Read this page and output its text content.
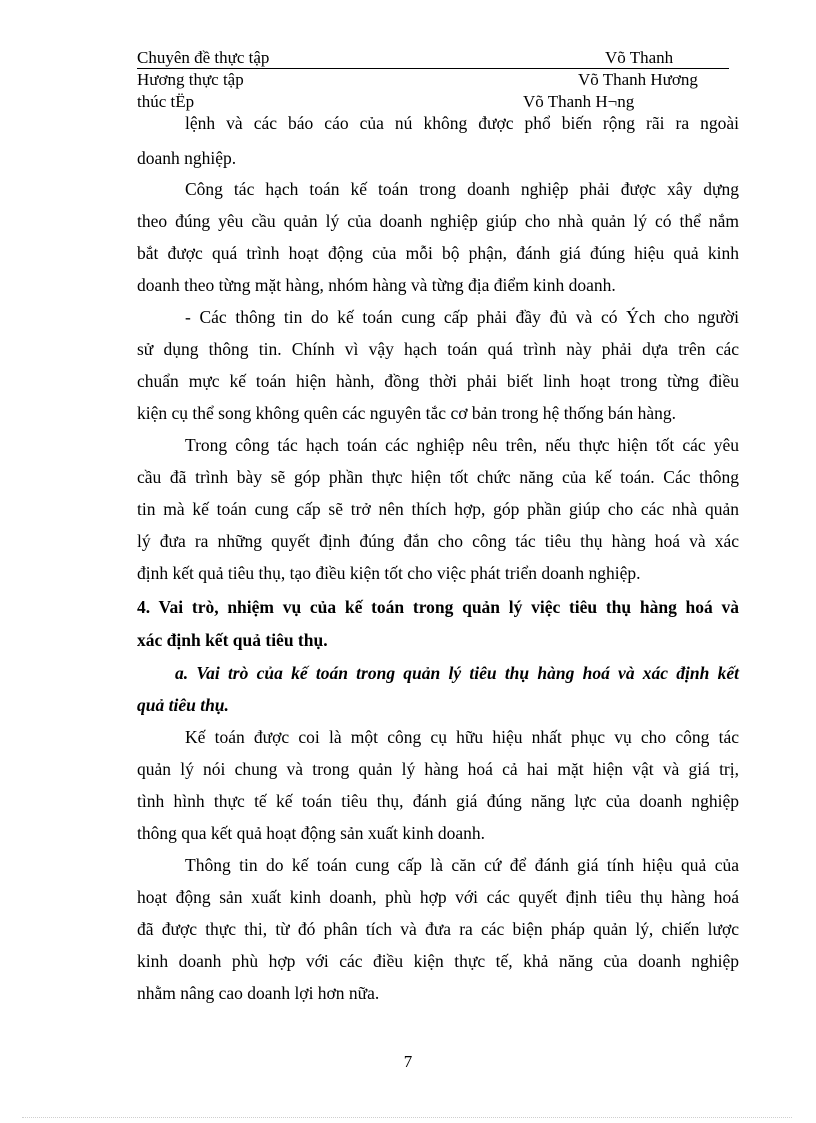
Chuyên đề thực tập	Võ Thanh
Hương thực tập	Võ Thanh Hương
thúc tËp	Võ Thanh H¬ng
lệnh và các báo cáo của nú không được phổ biến rộng rãi ra ngoài
doanh nghiệp.
Công tác hạch toán kế toán trong doanh nghiệp phải được xây dựng
theo đúng yêu cầu quản lý của doanh nghiệp giúp cho nhà quản lý có thể nắm
bắt được quá trình hoạt động của mỗi bộ phận, đánh giá đúng hiệu quả kinh
doanh theo từng mặt hàng, nhóm hàng và từng địa điểm kinh doanh.
- Các thông tin do kế toán cung cấp phải đầy đủ và có Ých cho người
sử dụng thông tin. Chính vì vậy hạch toán quá trình này phải dựa trên các
chuẩn mực kế toán hiện hành, đồng thời phải biết linh hoạt trong từng điều
kiện cụ thể song không quên các nguyên tắc cơ bản trong hệ thống bán hàng.
Trong công tác hạch toán các nghiệp nêu trên, nếu thực hiện tốt các yêu
cầu đã trình bày sẽ góp phần thực hiện tốt chức năng của kế toán. Các thông
tin mà kế toán cung cấp sẽ trở nên thích hợp, góp phần giúp cho các nhà quản
lý đưa ra những quyết định đúng đắn cho công tác tiêu thụ hàng hoá và xác
định kết quả tiêu thụ, tạo điều kiện tốt cho việc phát triển doanh nghiệp.
4. Vai trò, nhiệm vụ của kế toán trong quản lý việc tiêu thụ hàng hoá và
xác định kết quả tiêu thụ.
a. Vai trò của kế toán trong quản lý tiêu thụ hàng hoá và xác định kết
quả tiêu thụ.
Kế toán được coi là một công cụ hữu hiệu nhất phục vụ cho công tác
quản lý nói chung và trong quản lý hàng hoá cả hai mặt hiện vật và giá trị,
tình hình thực tế kế toán tiêu thụ, đánh giá đúng năng lực của doanh nghiệp
thông qua kết quả hoạt động sản xuất kinh doanh.
Thông tin do kế toán cung cấp là căn cứ để đánh giá tính hiệu quả của
hoạt động sản xuất kinh doanh, phù hợp với các quyết định tiêu thụ hàng hoá
đã được thực thi, từ đó phân tích và đưa ra các biện pháp quản lý, chiến lược
kinh doanh phù hợp với các điều kiện thực tế, khả năng của doanh nghiệp
nhằm nâng cao doanh lợi hơn nữa.
7
